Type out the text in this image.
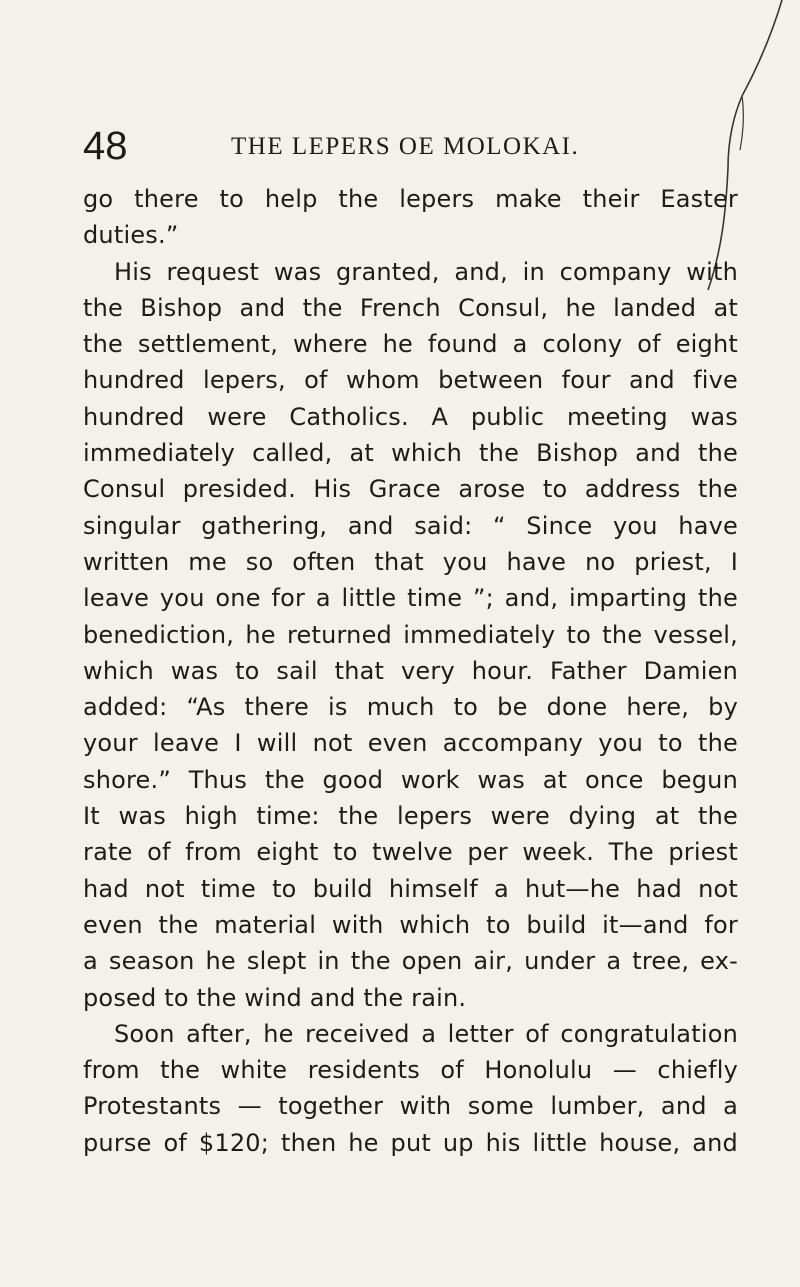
48	THE LEPERS OE MOLOKAI.
go there to help the lepers make their Easter
duties.”
His request was granted, and, in company with
the Bishop and the French Consul, he landed at
the settlement, where he found a colony of eight
hundred lepers, of whom between four and five
hundred were Catholics. A public meeting was
immediately called, at which the Bishop and the
Consul presided. His Grace arose to address the
singular gathering, and said: “ Since you have
written me so often that you have no priest, I
leave you one for a little time ”; and, imparting the
benediction, he returned immediately to the vessel,
which was to sail that very hour. Father Damien
added: “As there is much to be done here, by
your leave I will not even accompany you to the
shore.” Thus the good work was at once begun
It was high time: the lepers were dying at the
rate of from eight to twelve per week. The priest
had not time to build himself a hut—he had not
even the material with which to build it—and for
a season he slept in the open air, under a tree, ex-
posed to the wind and the rain.
Soon after, he received a letter of congratulation
from the white residents of Honolulu — chiefly
Protestants — together with some lumber, and a
purse of $120; then he put up his little house, and
